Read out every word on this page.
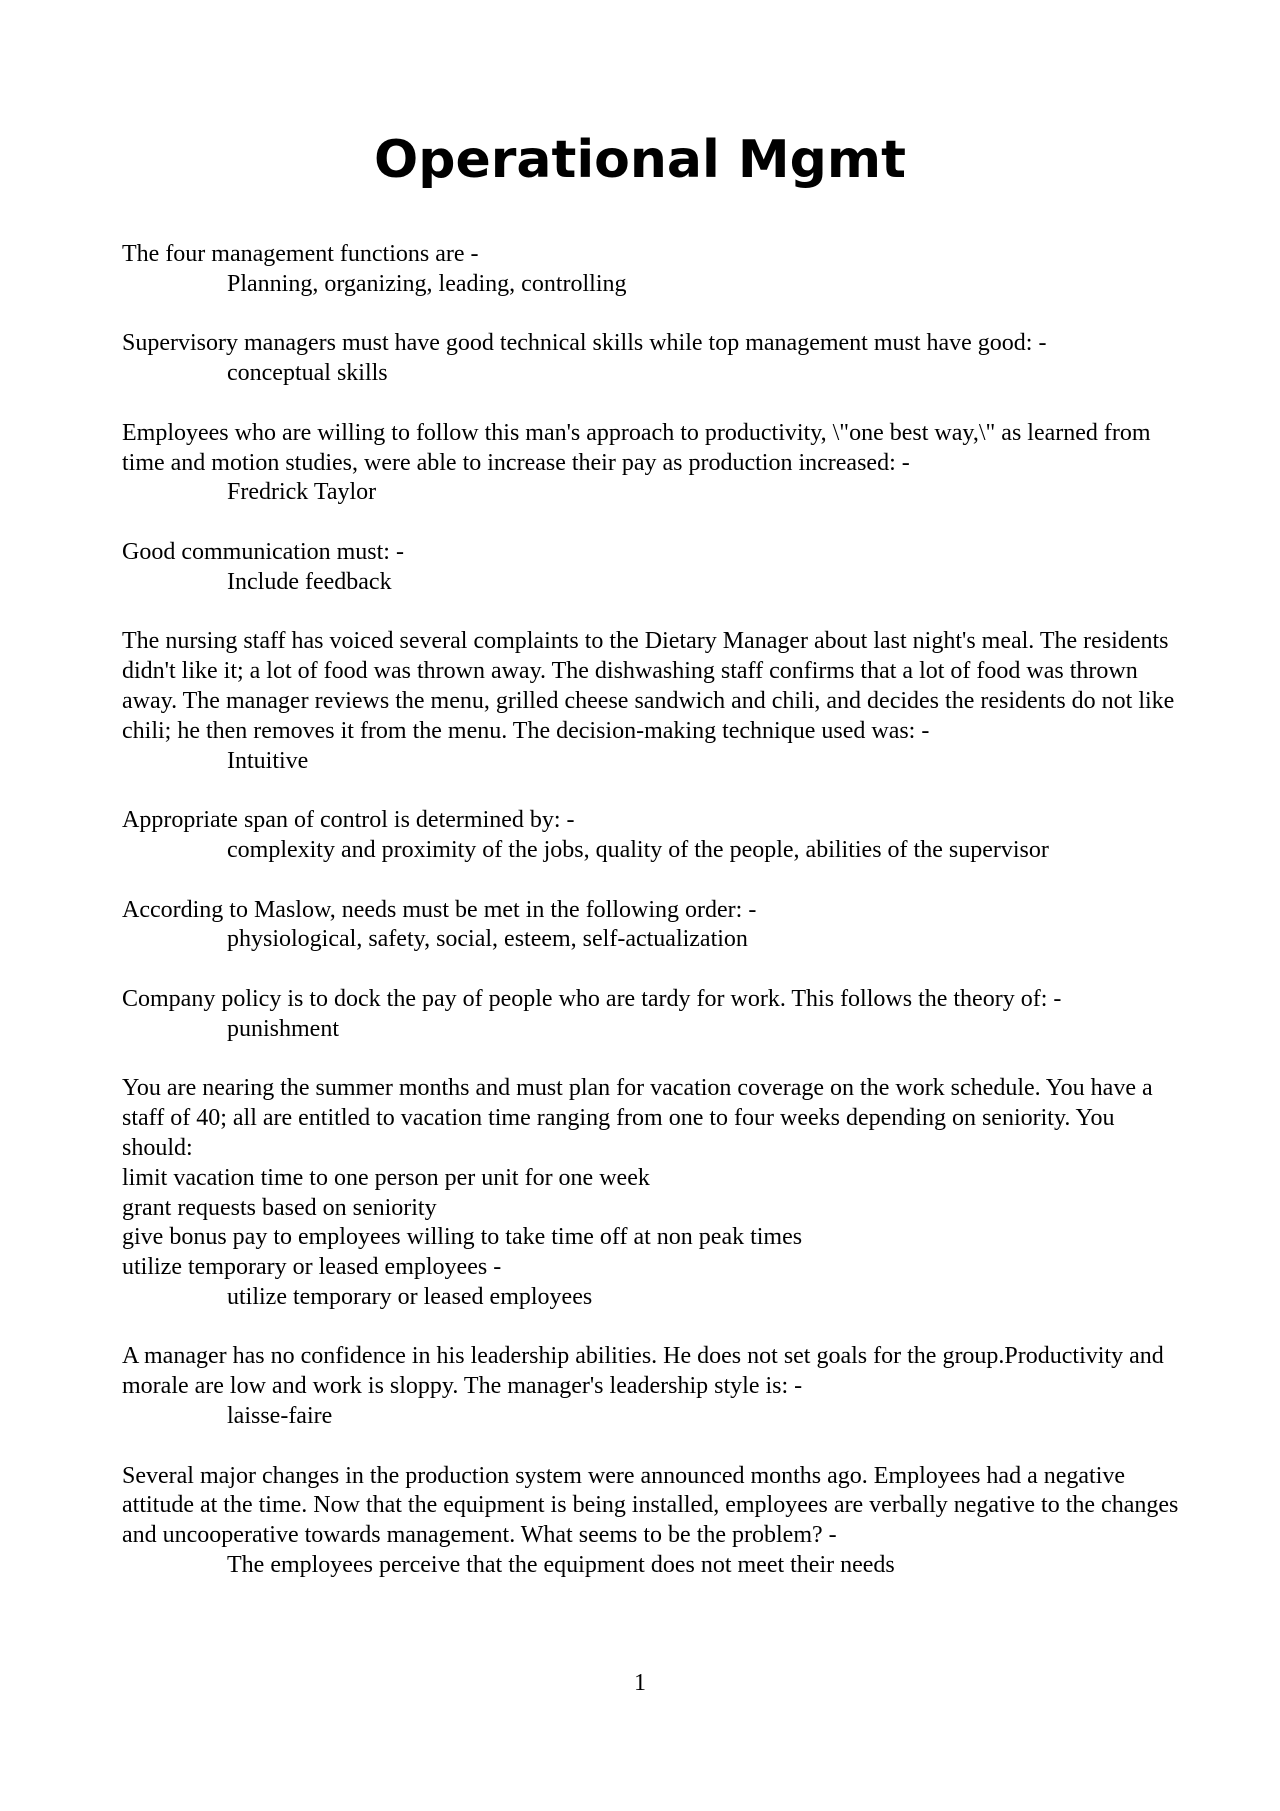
Operational Mgmt

The four management functions are -

Planning, organizing, leading, controlling

Supervisory managers must have good technical skills while top management must have good: -

conceptual skills

Employees who are willing to follow this man's approach to productivity, \"one best way,\" as learned from time and motion studies, were able to increase their pay as production increased: -

Fredrick Taylor

Good communication must: -

Include feedback

The nursing staff has voiced several complaints to the Dietary Manager about last night's meal. The residents didn't like it; a lot of food was thrown away. The dishwashing staff confirms that a lot of food was thrown away. The manager reviews the menu, grilled cheese sandwich and chili, and decides the residents do not like chili; he then removes it from the menu. The decision-making technique used was: -

Intuitive

Appropriate span of control is determined by: -

complexity and proximity of the jobs, quality of the people, abilities of the supervisor

According to Maslow, needs must be met in the following order: -

physiological, safety, social, esteem, self-actualization

Company policy is to dock the pay of people who are tardy for work. This follows the theory of: -

punishment

You are nearing the summer months and must plan for vacation coverage on the work schedule. You have a staff of 40; all are entitled to vacation time ranging from one to four weeks depending on seniority. You should:
limit vacation time to one person per unit for one week
grant requests based on seniority
give bonus pay to employees willing to take time off at non peak times
utilize temporary or leased employees -

utilize temporary or leased employees

A manager has no confidence in his leadership abilities. He does not set goals for the group.Productivity and morale are low and work is sloppy. The manager's leadership style is: -

laisse-faire

Several major changes in the production system were announced months ago. Employees had a negative attitude at the time. Now that the equipment is being installed, employees are verbally negative to the changes and uncooperative towards management. What seems to be the problem? -

The employees perceive that the equipment does not meet their needs

1
